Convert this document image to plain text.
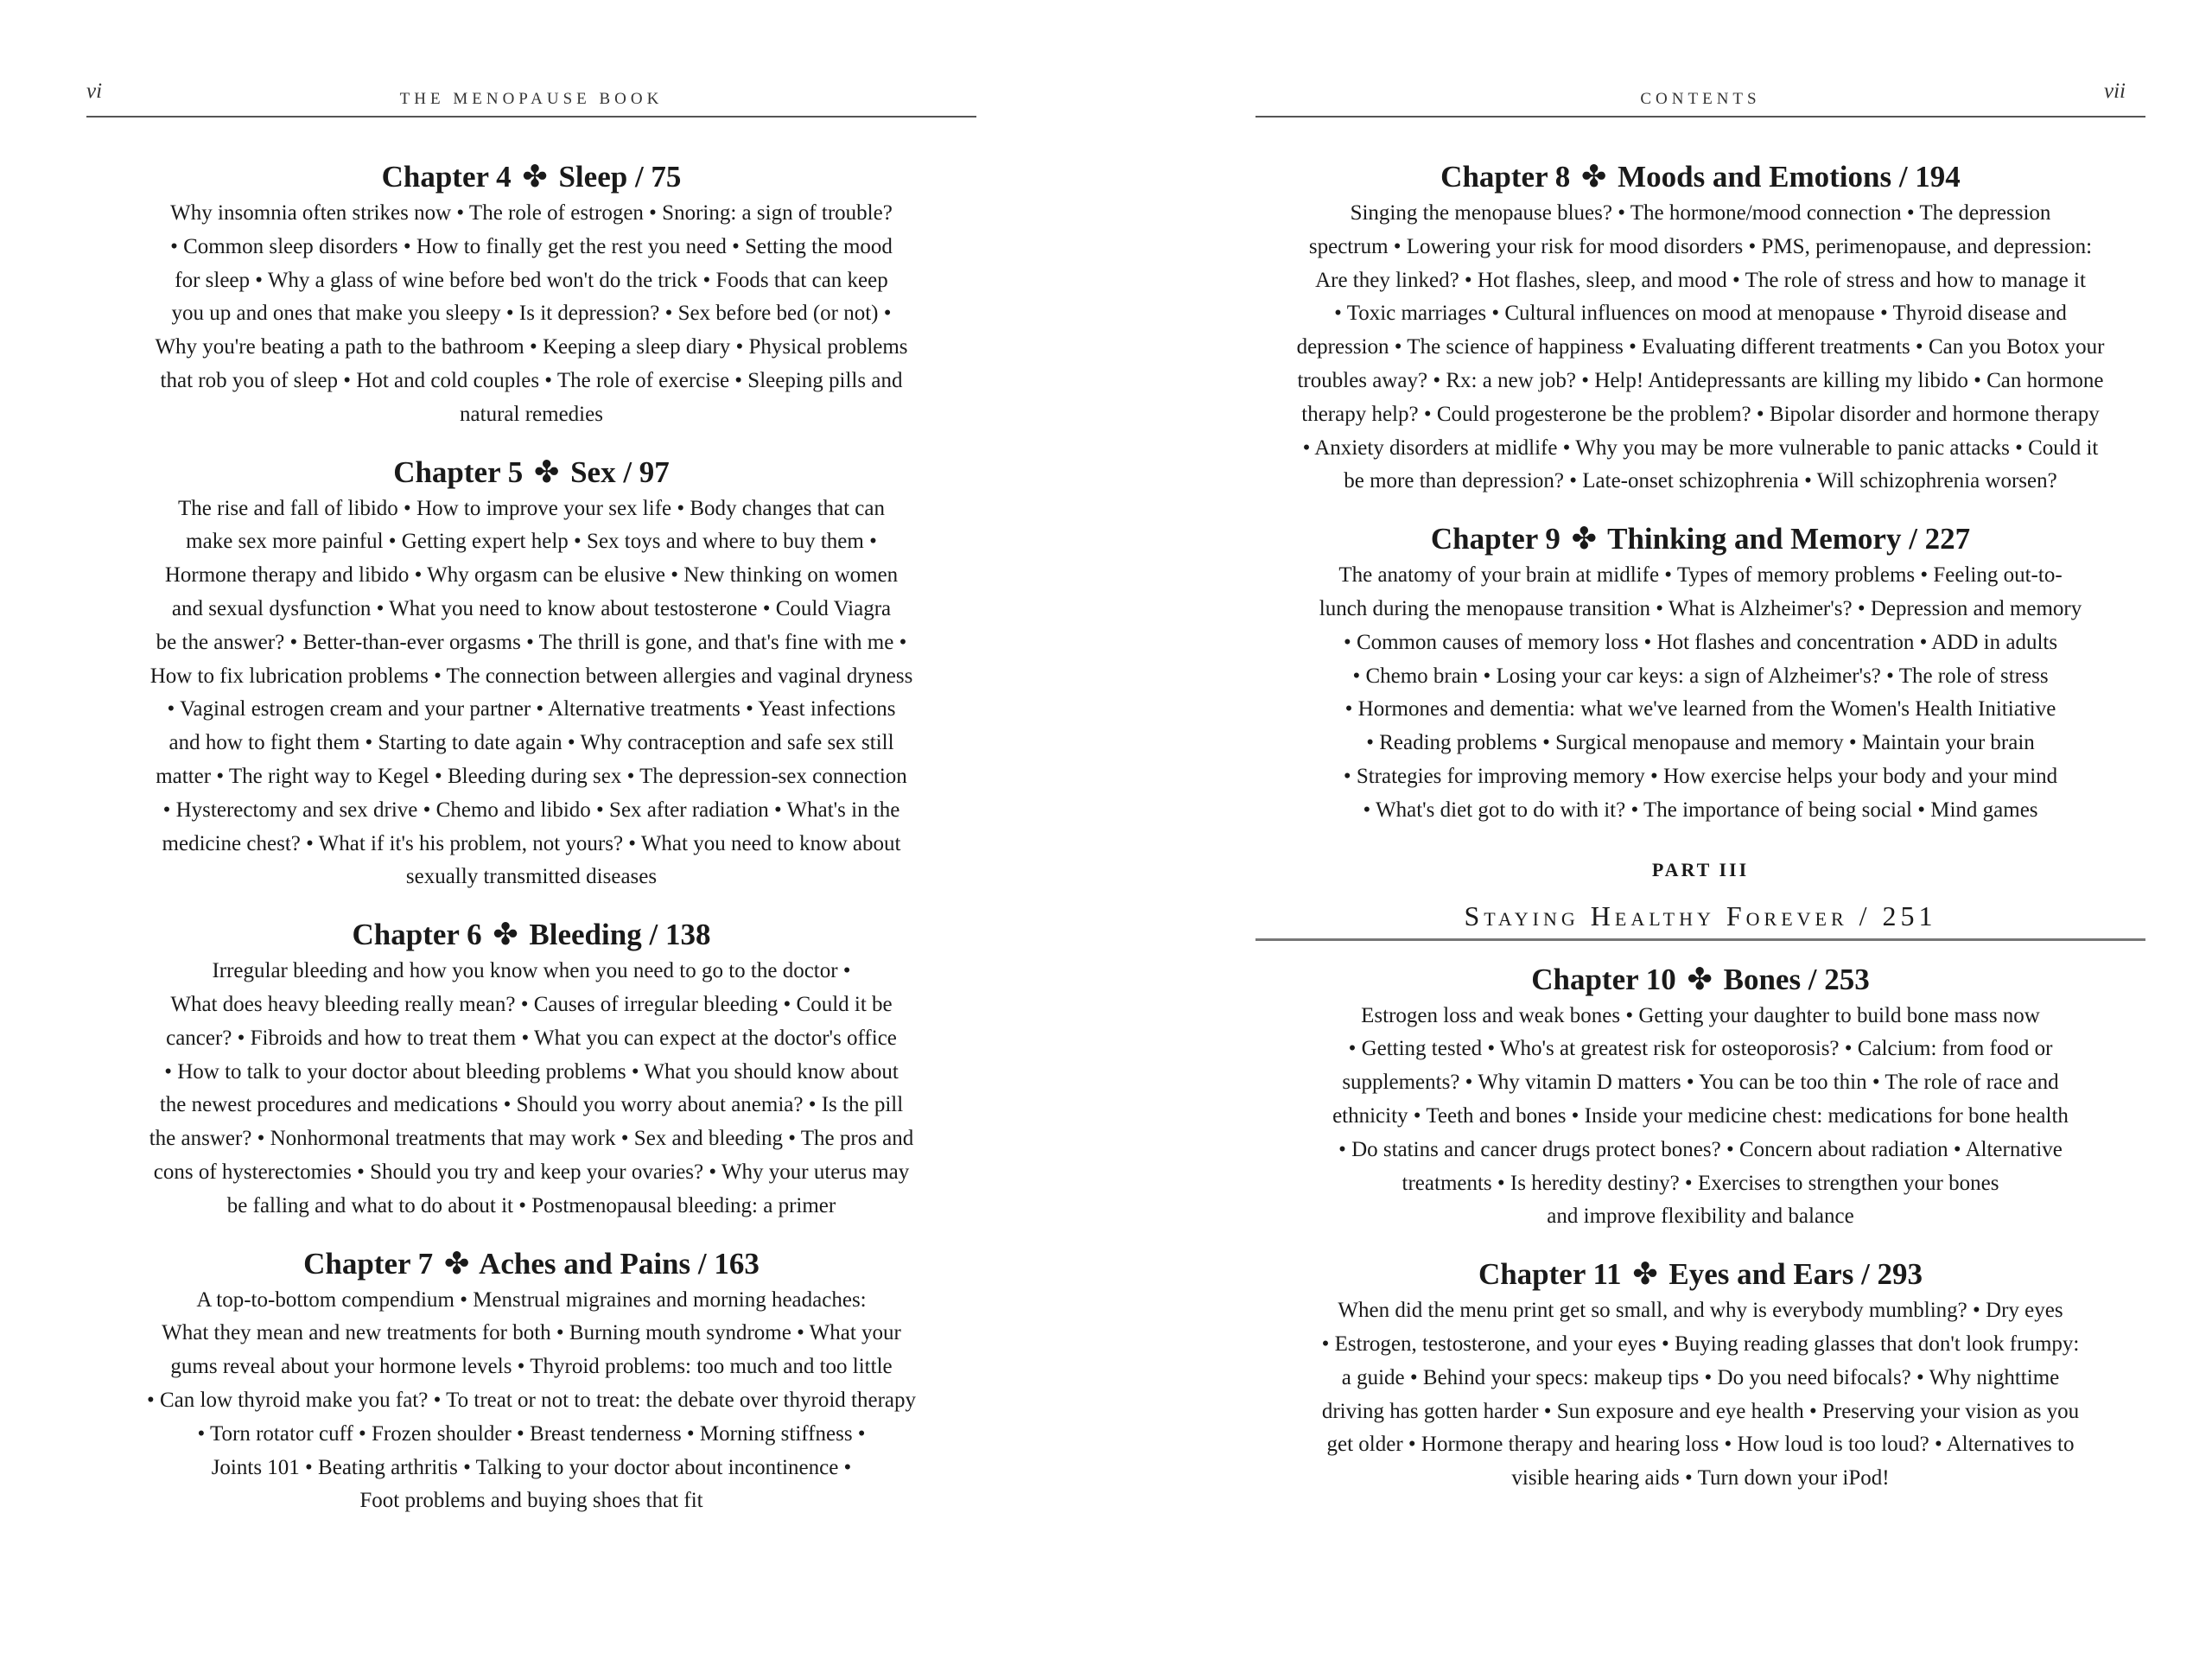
vi	THE MENOPAUSE BOOK
Chapter 4 ✤ Sleep / 75
Why insomnia often strikes now • The role of estrogen • Snoring: a sign of trouble?
• Common sleep disorders • How to finally get the rest you need • Setting the mood
for sleep • Why a glass of wine before bed won't do the trick • Foods that can keep
you up and ones that make you sleepy • Is it depression? • Sex before bed (or not) •
Why you're beating a path to the bathroom • Keeping a sleep diary • Physical problems
that rob you of sleep • Hot and cold couples • The role of exercise • Sleeping pills and
natural remedies
Chapter 5 ✤ Sex / 97
The rise and fall of libido • How to improve your sex life • Body changes that can
make sex more painful • Getting expert help • Sex toys and where to buy them •
Hormone therapy and libido • Why orgasm can be elusive • New thinking on women
and sexual dysfunction • What you need to know about testosterone • Could Viagra
be the answer? • Better-than-ever orgasms • The thrill is gone, and that's fine with me •
How to fix lubrication problems • The connection between allergies and vaginal dryness
• Vaginal estrogen cream and your partner • Alternative treatments • Yeast infections
and how to fight them • Starting to date again • Why contraception and safe sex still
matter • The right way to Kegel • Bleeding during sex • The depression-sex connection
• Hysterectomy and sex drive • Chemo and libido • Sex after radiation • What's in the
medicine chest? • What if it's his problem, not yours? • What you need to know about
sexually transmitted diseases
Chapter 6 ✤ Bleeding / 138
Irregular bleeding and how you know when you need to go to the doctor •
What does heavy bleeding really mean? • Causes of irregular bleeding • Could it be
cancer? • Fibroids and how to treat them • What you can expect at the doctor's office
• How to talk to your doctor about bleeding problems • What you should know about
the newest procedures and medications • Should you worry about anemia? • Is the pill
the answer? • Nonhormonal treatments that may work • Sex and bleeding • The pros and
cons of hysterectomies • Should you try and keep your ovaries? • Why your uterus may
be falling and what to do about it • Postmenopausal bleeding: a primer
Chapter 7 ✤ Aches and Pains / 163
A top-to-bottom compendium • Menstrual migraines and morning headaches:
What they mean and new treatments for both • Burning mouth syndrome • What your
gums reveal about your hormone levels • Thyroid problems: too much and too little
• Can low thyroid make you fat? • To treat or not to treat: the debate over thyroid therapy
• Torn rotator cuff • Frozen shoulder • Breast tenderness • Morning stiffness •
Joints 101 • Beating arthritis • Talking to your doctor about incontinence •
Foot problems and buying shoes that fit
vii
CONTENTS
Chapter 8 ✤ Moods and Emotions / 194
Singing the menopause blues? • The hormone/mood connection • The depression
spectrum • Lowering your risk for mood disorders • PMS, perimenopause, and depression:
Are they linked? • Hot flashes, sleep, and mood • The role of stress and how to manage it
• Toxic marriages • Cultural influences on mood at menopause • Thyroid disease and
depression • The science of happiness • Evaluating different treatments • Can you Botox your
troubles away? • Rx: a new job? • Help! Antidepressants are killing my libido • Can hormone
therapy help? • Could progesterone be the problem? • Bipolar disorder and hormone therapy
• Anxiety disorders at midlife • Why you may be more vulnerable to panic attacks • Could it
be more than depression? • Late-onset schizophrenia • Will schizophrenia worsen?
Chapter 9 ✤ Thinking and Memory / 227
The anatomy of your brain at midlife • Types of memory problems • Feeling out-to-
lunch during the menopause transition • What is Alzheimer's? • Depression and memory
• Common causes of memory loss • Hot flashes and concentration • ADD in adults
• Chemo brain • Losing your car keys: a sign of Alzheimer's? • The role of stress
• Hormones and dementia: what we've learned from the Women's Health Initiative
• Reading problems • Surgical menopause and memory • Maintain your brain
• Strategies for improving memory • How exercise helps your body and your mind
• What's diet got to do with it? • The importance of being social • Mind games
PART III
Staying Healthy Forever / 251
Chapter 10 ✤ Bones / 253
Estrogen loss and weak bones • Getting your daughter to build bone mass now
• Getting tested • Who's at greatest risk for osteoporosis? • Calcium: from food or
supplements? • Why vitamin D matters • You can be too thin • The role of race and
ethnicity • Teeth and bones • Inside your medicine chest: medications for bone health
• Do statins and cancer drugs protect bones? • Concern about radiation • Alternative
treatments • Is heredity destiny? • Exercises to strengthen your bones
and improve flexibility and balance
Chapter 11 ✤ Eyes and Ears / 293
When did the menu print get so small, and why is everybody mumbling? • Dry eyes
• Estrogen, testosterone, and your eyes • Buying reading glasses that don't look frumpy:
a guide • Behind your specs: makeup tips • Do you need bifocals? • Why nighttime
driving has gotten harder • Sun exposure and eye health • Preserving your vision as you
get older • Hormone therapy and hearing loss • How loud is too loud? • Alternatives to
visible hearing aids • Turn down your iPod!
